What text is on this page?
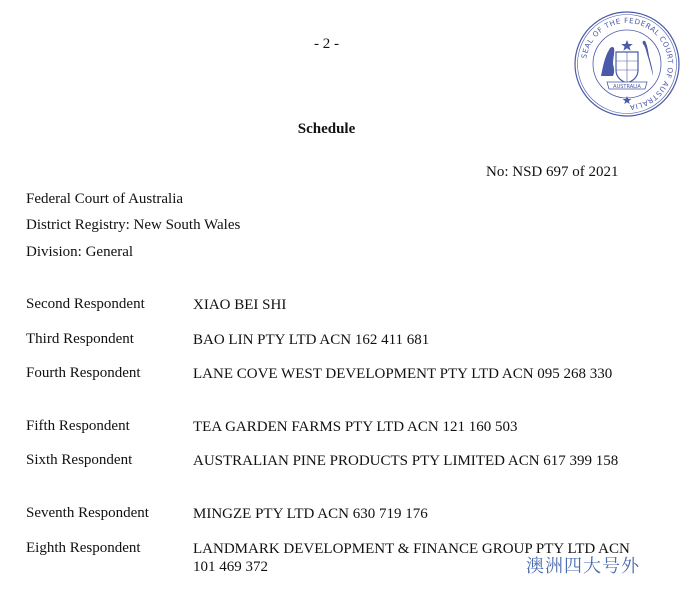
- 2 -
SEAL OF THE FEDERAL COURT OF AUSTRALIA
AUSTRALIA
Schedule
No: NSD 697 of 2021
Federal Court of Australia
District Registry: New South Wales
Division: General
Second Respondent	XIAO BEI SHI
Third Respondent	BAO LIN PTY LTD ACN 162 411 681
Fourth Respondent	LANE COVE WEST DEVELOPMENT PTY LTD ACN 095 268 330
Fifth Respondent	TEA GARDEN FARMS PTY LTD ACN 121 160 503
Sixth Respondent	AUSTRALIAN PINE PRODUCTS PTY LIMITED ACN 617 399 158
Seventh Respondent	MINGZE PTY LTD ACN 630 719 176
Eighth Respondent	LANDMARK DEVELOPMENT & FINANCE GROUP PTY LTD ACN 101 469 372	澳洲四大号外
